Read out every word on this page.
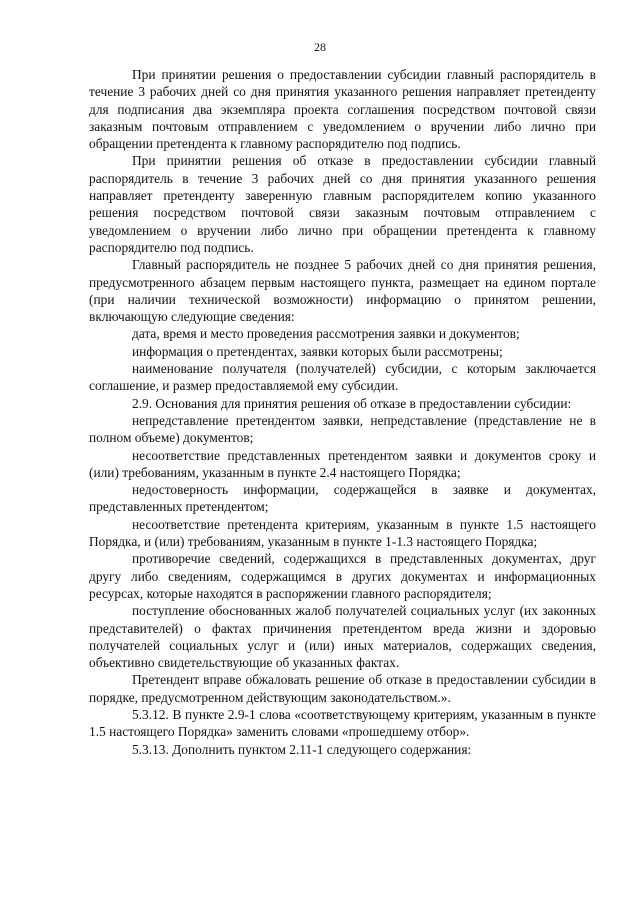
28

При принятии решения о предоставлении субсидии главный распорядитель в течение 3 рабочих дней со дня принятия указанного решения направляет претенденту для подписания два экземпляра проекта соглашения посредством почтовой связи заказным почтовым отправлением с уведомлением о вручении либо лично при обращении претендента к главному распорядителю под подпись.

При принятии решения об отказе в предоставлении субсидии главный распорядитель в течение 3 рабочих дней со дня принятия указанного решения направляет претенденту заверенную главным распорядителем копию указанного решения посредством почтовой связи заказным почтовым отправлением с уведомлением о вручении либо лично при обращении претендента к главному распорядителю под подпись.

Главный распорядитель не позднее 5 рабочих дней со дня принятия решения, предусмотренного абзацем первым настоящего пункта, размещает на едином портале (при наличии технической возможности) информацию о принятом решении, включающую следующие сведения:

дата, время и место проведения рассмотрения заявки и документов;

информация о претендентах, заявки которых были рассмотрены;

наименование получателя (получателей) субсидии, с которым заключается соглашение, и размер предоставляемой ему субсидии.

2.9. Основания для принятия решения об отказе в предоставлении субсидии:

непредставление претендентом заявки, непредставление (представление не в полном объеме) документов;

несоответствие представленных претендентом заявки и документов сроку и (или) требованиям, указанным в пункте 2.4 настоящего Порядка;

недостоверность информации, содержащейся в заявке и документах, представленных претендентом;

несоответствие претендента критериям, указанным в пункте 1.5 настоящего Порядка, и (или) требованиям, указанным в пункте 1-1.3 настоящего Порядка;

противоречие сведений, содержащихся в представленных документах, друг другу либо сведениям, содержащимся в других документах и информационных ресурсах, которые находятся в распоряжении главного распорядителя;

поступление обоснованных жалоб получателей социальных услуг (их законных представителей) о фактах причинения претендентом вреда жизни и здоровью получателей социальных услуг и (или) иных материалов, содержащих сведения, объективно свидетельствующие об указанных фактах.

Претендент вправе обжаловать решение об отказе в предоставлении субсидии в порядке, предусмотренном действующим законодательством.».

5.3.12. В пункте 2.9-1 слова «соответствующему критериям, указанным в пункте 1.5 настоящего Порядка» заменить словами «прошедшему отбор».

5.3.13. Дополнить пунктом 2.11-1 следующего содержания:
